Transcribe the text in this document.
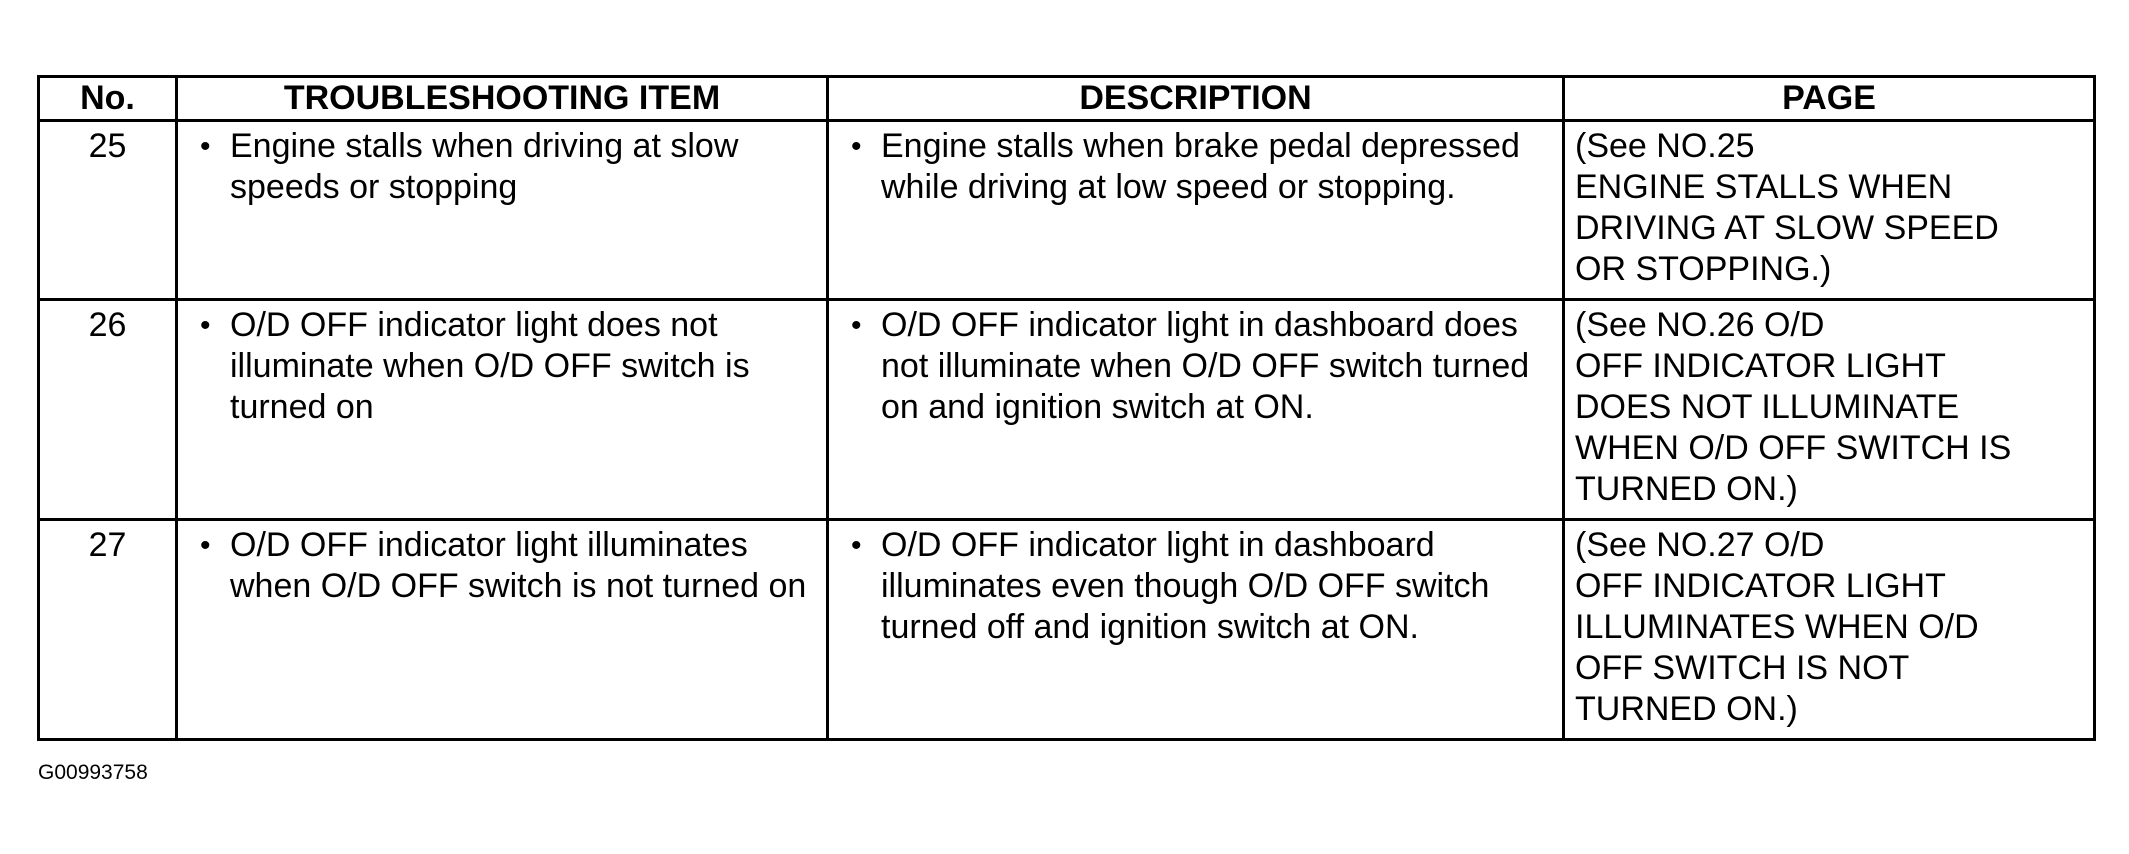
No.	TROUBLESHOOTING ITEM	DESCRIPTION	PAGE
25	• Engine stalls when driving at slow speeds or stopping	• Engine stalls when brake pedal depressed while driving at low speed or stopping.	(See NO.25
ENGINE STALLS WHEN
DRIVING AT SLOW SPEED
OR STOPPING.)

26	• O/D OFF indicator light does not illuminate when O/D OFF switch is turned on	• O/D OFF indicator light in dashboard does not illuminate when O/D OFF switch turned on and ignition switch at ON.	(See NO.26 O/D
OFF INDICATOR LIGHT
DOES NOT ILLUMINATE
WHEN O/D OFF SWITCH IS
TURNED ON.)

27	• O/D OFF indicator light illuminates when O/D OFF switch is not turned on	• O/D OFF indicator light in dashboard illuminates even though O/D OFF switch turned off and ignition switch at ON.	(See NO.27 O/D
OFF INDICATOR LIGHT
ILLUMINATES WHEN O/D
OFF SWITCH IS NOT
TURNED ON.)
G00993758
